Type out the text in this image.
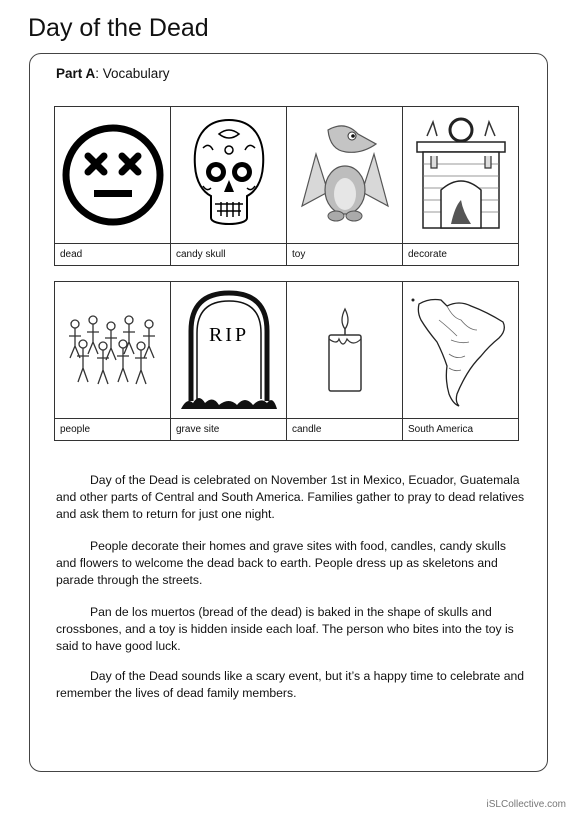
Day of the Dead
Part A: Vocabulary

dead	candy skull	toy	decorate

RIP

people	grave site	candle	South America

Day of the Dead is celebrated on November 1st in Mexico, Ecuador, Guatemala and other parts of Central and South America. Families gather to pray to dead relatives and ask them to return for just one night.

People decorate their homes and grave sites with food, candles, candy skulls and flowers to welcome the dead back to earth. People dress up as skeletons and parade through the streets.

Pan de los muertos (bread of the dead) is baked in the shape of skulls and crossbones, and a toy is hidden inside each loaf. The person who bites into the toy is said to have good luck.

Day of the Dead sounds like a scary event, but it’s a happy time to celebrate and remember the lives of dead family members.

iSLCollective.com
